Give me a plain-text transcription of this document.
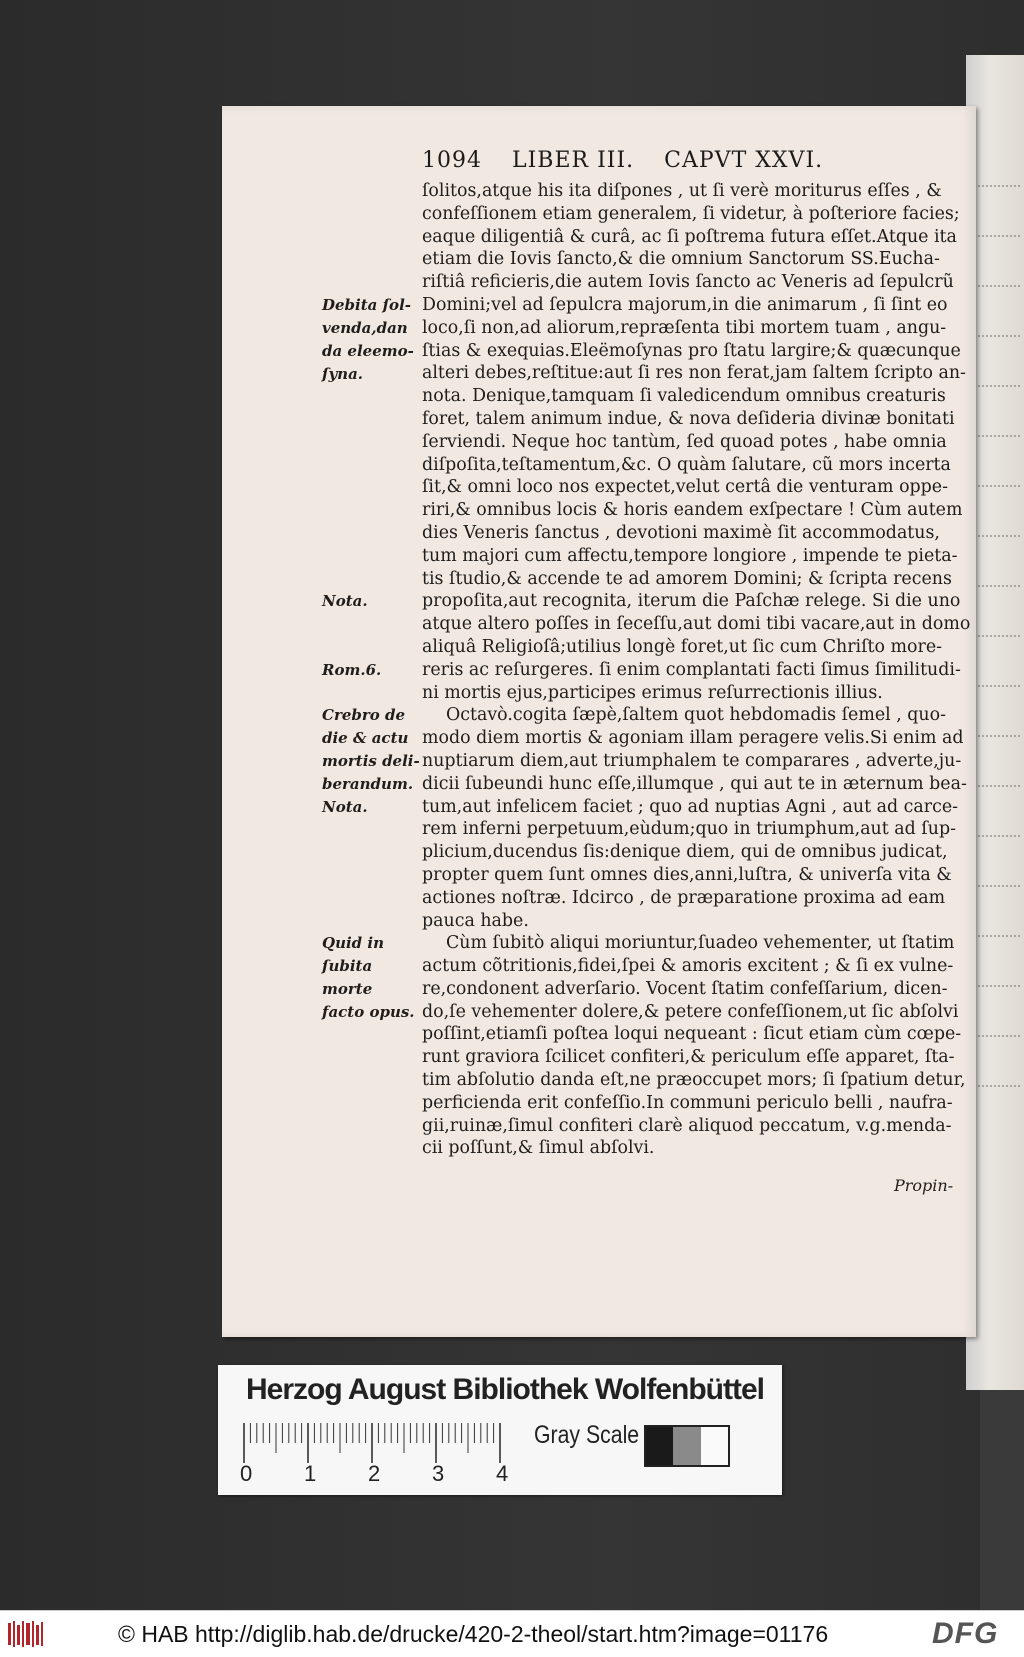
1094 LIBER III. CAPVT XXVI.
ſolitos,atque his ita diſpones , ut ſi verè moriturus eſſes , &
confeſſionem etiam generalem, ſi videtur, à poſteriore facies;
eaque diligentiâ & curâ, ac ſi poſtrema futura eſſet.Atque ita
etiam die Iovis ſancto,& die omnium Sanctorum SS.Eucha-
riſtiâ reficieris,die autem Iovis ſancto ac Veneris ad ſepulcrũ
Domini;vel ad ſepulcra majorum,in die animarum , ſi ſint eo
loco,ſi non,ad aliorum,repræſenta tibi mortem tuam , angu-
ſtias & exequias.Eleëmoſynas pro ſtatu largire;& quæcunque
alteri debes,reſtitue:aut ſi res non ferat,jam ſaltem ſcripto an-
nota. Denique,tamquam ſi valedicendum omnibus creaturis
foret, talem animum indue, & nova deſideria divinæ bonitati
ſerviendi. Neque hoc tantùm, ſed quoad potes , habe omnia
diſpoſita,teſtamentum,&c. O quàm ſalutare, cũ mors incerta
ſit,& omni loco nos expectet,velut certâ die venturam oppe-
riri,& omnibus locis & horis eandem exſpectare ! Cùm autem
dies Veneris ſanctus , devotioni maximè ſit accommodatus,
tum majori cum affectu,tempore longiore , impende te pieta-
tis ſtudio,& accende te ad amorem Domini; & ſcripta recens
propoſita,aut recognita, iterum die Paſchæ relege. Si die uno
atque altero poſſes in ſeceſſu,aut domi tibi vacare,aut in domo
aliquâ Religioſâ;utilius longè foret,ut ſic cum Chriſto more-
reris ac reſurgeres. ſi enim complantati facti ſimus ſimilitudi-
ni mortis ejus,participes erimus reſurrectionis illius.
Octavò.cogita ſæpè,ſaltem quot hebdomadis ſemel , quo-
modo diem mortis & agoniam illam peragere velis.Si enim ad
nuptiarum diem,aut triumphalem te comparares , adverte,ju-
dicii ſubeundi hunc eſſe,illumque , qui aut te in æternum bea-
tum,aut infelicem faciet ; quo ad nuptias Agni , aut ad carce-
rem inferni perpetuum,eùdum;quo in triumphum,aut ad ſup-
plicium,ducendus ſis:denique diem, qui de omnibus judicat,
propter quem ſunt omnes dies,anni,luſtra, & univerſa vita &
actiones noſtræ. Idcirco , de præparatione proxima ad eam
pauca habe.
Cùm ſubitò aliqui moriuntur,ſuadeo vehementer, ut ſtatim
actum cõtritionis,fidei,ſpei & amoris excitent ; & ſi ex vulne-
re,condonent adverſario. Vocent ſtatim confeſſarium, dicen-
do,ſe vehementer dolere,& petere confeſſionem,ut ſic abſolvi
poſſint,etiamſi poſtea loqui nequeant : ſicut etiam cùm cœpe-
runt graviora ſcilicet confiteri,& periculum eſſe apparet, ſta-
tim abſolutio danda eſt,ne præoccupet mors; ſi ſpatium detur,
perficienda erit confeſſio.In communi periculo belli , naufra-
gii,ruinæ,ſimul confiteri clarè aliquod peccatum, v.g.menda-
cii poſſunt,& ſimul abſolvi.
Debita ſol-
venda,dan
da eleemo-
ſyna.
Nota.
Rom.6.
Crebro de
die & actu
mortis deli-
berandum.
Nota.
Quid in
ſubita morte
facto opus.
Propin-
Herzog August Bibliothek Wolfenbüttel
0 1 2 3 4
Gray Scale
© HAB http://diglib.hab.de/drucke/420-2-theol/start.htm?image=01176	DFG
